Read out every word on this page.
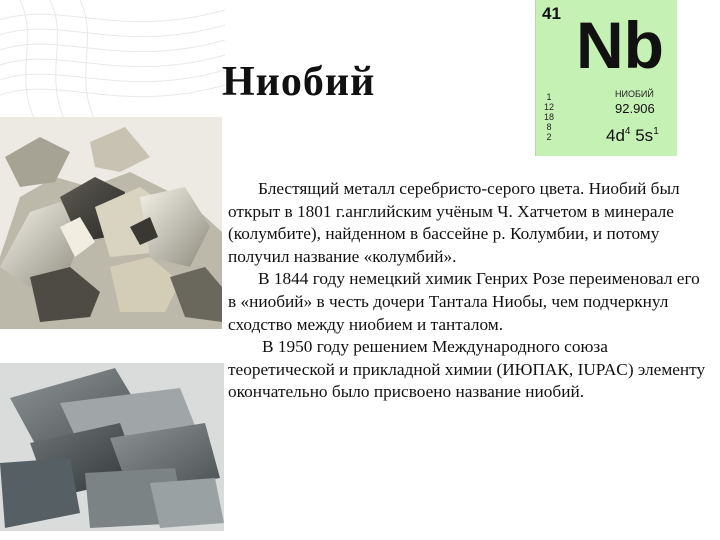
Ниобий
41 Nb
1
12
18
8
2
НИОБИЙ
92.906
$4d^4$ $5s^1$

Блестящий металл серебристо-серого цвета. Ниобий был открыт в 1801 г.английским учёным Ч. Хатчетом в минерале (колумбите), найденном в бассейне р. Колумбии, и потому получил название «колумбий».

В 1844 году немецкий химик Генрих Розе переименовал его в «ниобий» в честь дочери Тантала Ниобы, чем подчеркнул сходство между ниобием и танталом.

В 1950 году решением Международного союза теоретической и прикладной химии (ИЮПАК, IUPAC) элементу окончательно было присвоено название ниобий.
